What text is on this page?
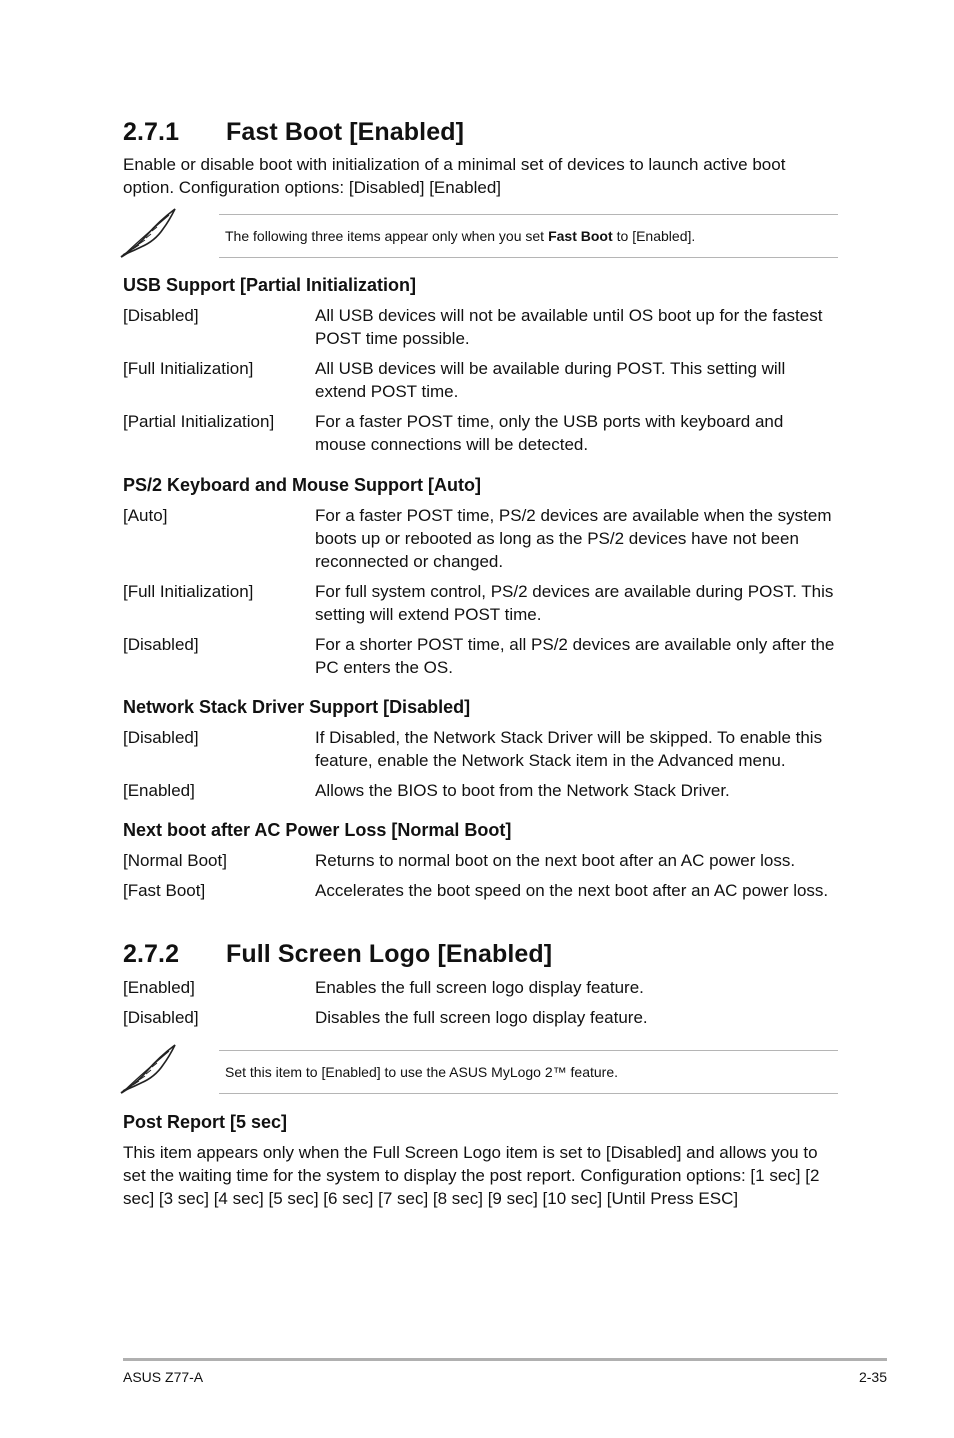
2.7.1	Fast Boot [Enabled]

Enable or disable boot with initialization of a minimal set of devices to launch active boot option. Configuration options: [Disabled] [Enabled]

The following three items appear only when you set Fast Boot to [Enabled].
USB Support [Partial Initialization]
[Disabled]	All USB devices will not be available until OS boot up for the fastest POST time possible.
[Full Initialization]	All USB devices will be available during POST. This setting will extend POST time.
[Partial Initialization]	For a faster POST time, only the USB ports with keyboard and mouse connections will be detected.
PS/2 Keyboard and Mouse Support [Auto]
[Auto]	For a faster POST time, PS/2 devices are available when the system boots up or rebooted as long as the PS/2 devices have not been reconnected or changed.
[Full Initialization]	For full system control, PS/2 devices are available during POST. This setting will extend POST time.
[Disabled]	For a shorter POST time, all PS/2 devices are available only after the PC enters the OS.
Network Stack Driver Support [Disabled]
[Disabled]	If Disabled, the Network Stack Driver will be skipped. To enable this feature, enable the Network Stack item in the Advanced menu.
[Enabled]	Allows the BIOS to boot from the Network Stack Driver.
Next boot after AC Power Loss [Normal Boot]
[Normal Boot]	Returns to normal boot on the next boot after an AC power loss.
[Fast Boot]	Accelerates the boot speed on the next boot after an AC power loss.
2.7.2	Full Screen Logo [Enabled]
[Enabled]	Enables the full screen logo display feature.
[Disabled]	Disables the full screen logo display feature.
Set this item to [Enabled] to use the ASUS MyLogo 2™ feature.
Post Report [5 sec]

This item appears only when the Full Screen Logo item is set to [Disabled] and allows you to set the waiting time for the system to display the post report. Configuration options: [1 sec] [2 sec] [3 sec] [4 sec] [5 sec] [6 sec] [7 sec] [8 sec] [9 sec] [10 sec] [Until Press ESC]

ASUS Z77-A	2-35
